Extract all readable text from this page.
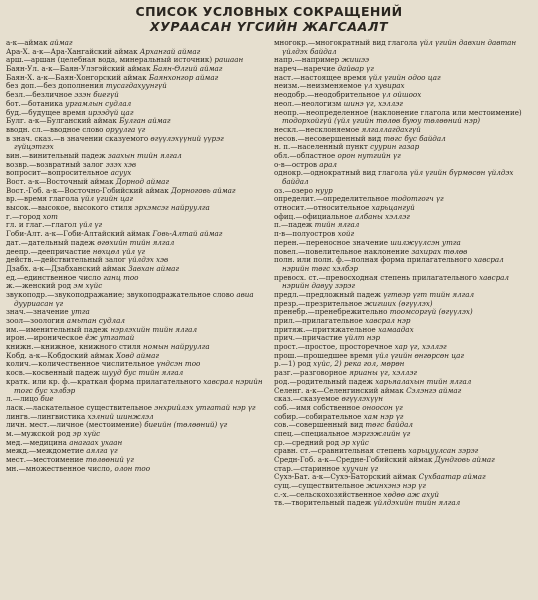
СПИСОК УСЛОВНЫХ СОКРАЩЕНИЙ
ХУРААСАН ҮГСИЙН ЖАГСААЛТ

а-к—аймак аймаг

Ара-Х. а-к—Ара-Хангайский аймак Архангай аймаг

арш.—аршан (целебная вода, минеральный источник) рашаан

Баян-Ул. а-к—Баян-Улэгэйский аймак Баян-Өлгий аймаг

Баян-Х. а-к—Баян-Хонгорский аймак Баянхонгор аймаг

без доп.—без дополнения тусагдахуунгүй

безл.—безличное эзэн биегүй

бот.—ботаника ургамлын судлал

буд.—будущее время ирээдүй цаг

Булг. а-к—Булганский аймак Булган аймаг

вводн. сл.—вводное слово оруулга үг

в знач. сказ.—в значении сказуемого өгүүлэхүүний үүрэг гүйцэтгэх

вин.—винительный падеж заахын тийн ялгал

возвр.—возвратный залог эзэх хэв

вопросит—вопросительное асуух

Вост. а-к—Восточный аймак Дорнод аймаг

Вост.-Гоб. а-к—Восточно-Гобийский аймак Дорноговь аймаг

вр.—время глагола үйл үгийн цаг

высок.—высокое, высокого стиля эрхэмсэг найруулга

г.—город хот

гл. и глаг.—глагол үйл үг

Гоби-Алт. а-к—Гоби-Алтайский аймак Говь-Алтай аймаг

дат.—дательный падеж өгөхийн тийн ялгал

деепр.—деепричастие нөхцөл үйл үг

действ.—действительный залог үйлдэх хэв

Дзабх. а-к—Дзабханский аймак Завхан аймаг

ед.—единственное число ганц тоо

ж.—женский род эм хүйс

звукоподр.—звукоподражание; звукоподражательное слово авиа дууриасан үг

знач.—значение утга

зоол—зоология амьтан судлал

им.—именительный падеж нэрлэхийн тийн ялгал

ирон.—ироническое ёж утгатай

книжн.—книжное, книжного стиля номын найруулга

Кобд. а-к—Кобдоский аймак Ховд аймаг

колич.—количественное числительное үндсэн тоо

косв.—косвенный падеж шууд бус тийн ялгал

кратк. или кр. ф.—краткая форма прилагательного хавсрал нэрийн тогс бус хэлбэр

л.—лицо бие

ласк.—ласкательное существительное энхрийлэх утгатай нэр үг

лингв.—лингвистика хэлний шинжлэл

личн. мест.—личное (местоимение) биеийн (төлөөний) үг

м.—мужской род эр хүйс

мед.—медицина анагаах ухаан

межд.—междометие аялга үг

мест.—местоимение төлөөний үг

мн.—множественное число, олон тоо

многокр.—многократный вид глагола үйл үгийн давхин давтан үйлдэх байдал

напр.—например жишээ

нареч—наречие дайвар үг

наст.—настоящее время үйл үгийн одоо цаг

неизм.—неизменяемое үл хувирах

неодобр.—неодобрительное үл ойшоох

неол.—неологизм шинэ үг, хэллэг

неопр.—неопределенное (наклонение глагола или местоимение) тодорхойгүй (үйл үгийн төлөв буюу төлөөний нэр)

нескл.—несклоняемое ялгаллагдахгүй

несов.—несовершенный вид төгс бус байдал

н. п.—населенный пункт суурин газар

обл.—областное орон нутгийн үг

о-в—остров арал

однокр.—однократный вид глагола үйл үгийн бүрмөсөн үйлдэх байдал

оз.—озеро нуур

определит.—определительное тодотгогч үг

относит.—относительное харьцангуй

офиц.—официальное албаны хэллэг

п.—падеж тийн ялгал

п-в—полуостров хойг

перен.—переносное значение шилжүүлсэн утга

повел.—повелительное наклонение захирах төлөв

полн. или полн. ф.—полная форма прилагательного хавсрал нэрийн төгс хэлбэр

превосх. ст.—превосходная степень прилагательного хавсрал нэрийн давуу зэрэг

предл.—предложный падеж үгтвэр үгт тийн ялгал

презр.—презрительное жигших (өгүүлэх)

пренебр.—пренебрежительно тоомсоргүй (өгүүлэх)

прил.—прилагательное хавсрал нэр

притяж.—притяжательное хамаадах

прич.—причастие үйлт нэр

прост.—простое, просторечное хар үг, хэллэг

прош.—прошедшее время үйл үгийн өнгөрсөн цаг

р.—1) род хүйс, 2) река гол, мөрөн

разг.—разговорное ярианы үг, хэллэг

род.—родительный падеж харьяалахын тийн ялгал

Селенг. а-к—Селенгинский аймак Сэлэнгэ аймаг

сказ.—сказуемое өгүүлэхүүн

соб.—имя собственное оноосон үг

собир.—собирательное хам нэр үг

сов.—совершенный вид төгс байдал

спец.—специальное мэргэжлийн үг

ср.—средний род эр хүйс

сравн. ст.—сравнительная степень харьцуулсан зэрэг

Средн-Гоб. а-к—Средне-Гобийский аймак Дундговь аймаг

стар.—старинное хуучин үг

Сухэ-Бат. а-к—Сухэ-Баторский аймак Сүхбаатар аймаг

сущ.—существительное жинхэнэ нэр үг

с.-х.—сельскохозяйственное хөдөө аж ахуй

тв.—творительный падеж үйлдэхийн тийн ялгал
